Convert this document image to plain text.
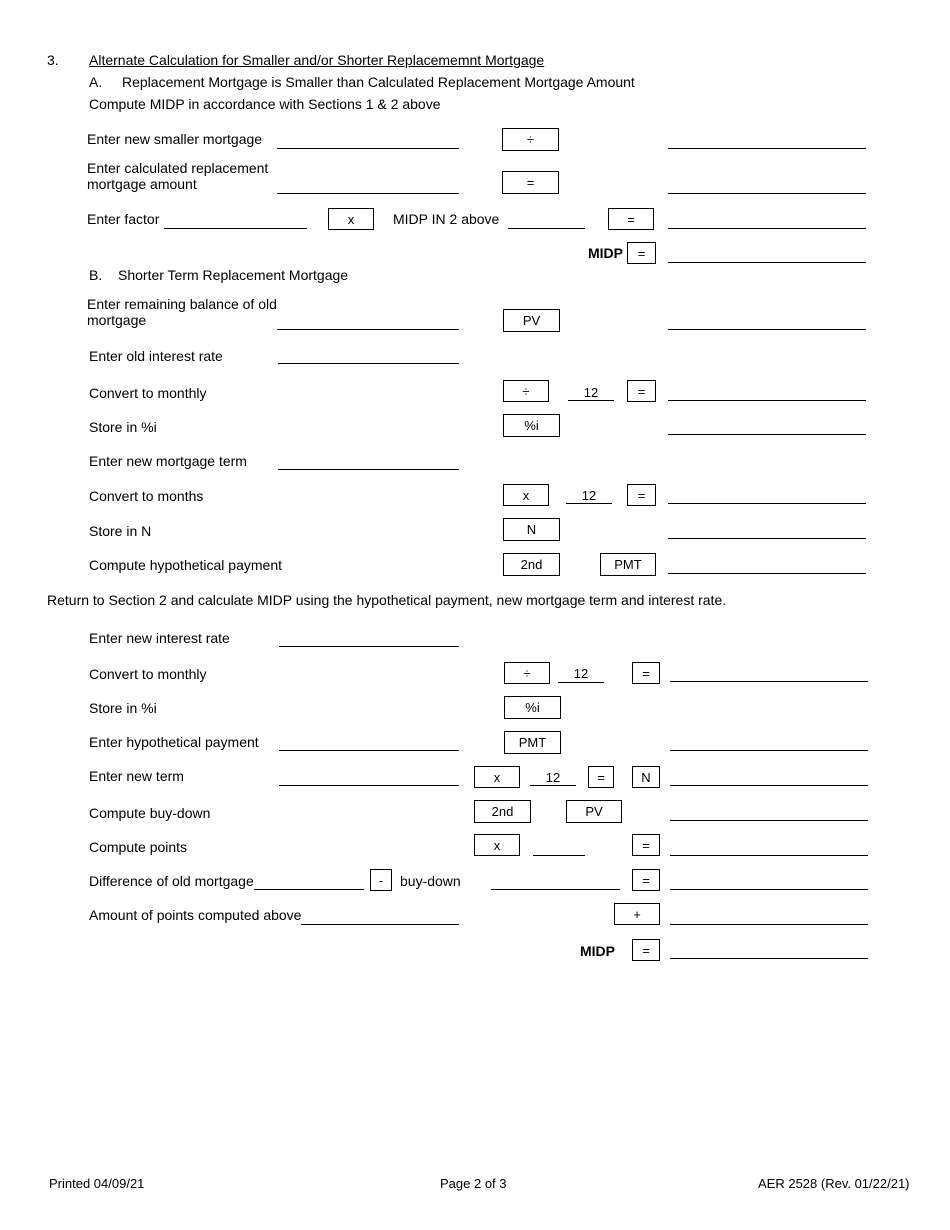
3. Alternate Calculation for Smaller and/or Shorter Replacememnt Mortgage
A. Replacement Mortgage is Smaller than Calculated Replacement Mortgage Amount
Compute MIDP in accordance with Sections 1 & 2 above
Enter new smaller mortgage	÷
Enter calculated replacement
mortgage amount	=
Enter factor	x	MIDP IN 2 above	=
MIDP	=
B. Shorter Term Replacement Mortgage
Enter remaining balance of old
mortgage	PV
Enter old interest rate
Convert to monthly	÷	12	=
Store in %i	%i
Enter new mortgage term
Convert to months	x	12	=
Store in N	N
Compute hypothetical payment	2nd	PMT
Return to Section 2 and calculate MIDP using the hypothetical payment, new mortgage term and interest rate.
Enter new interest rate
Convert to monthly	÷	12	=
Store in %i	%i
Enter hypothetical payment	PMT
Enter new term	x	12	=	N
Compute buy-down	2nd	PV
Compute points	x	=
Difference of old mortgage	-	buy-down	=
Amount of points computed above	+
MIDP	=
Printed 04/09/21	Page 2 of 3	AER 2528 (Rev. 01/22/21)
